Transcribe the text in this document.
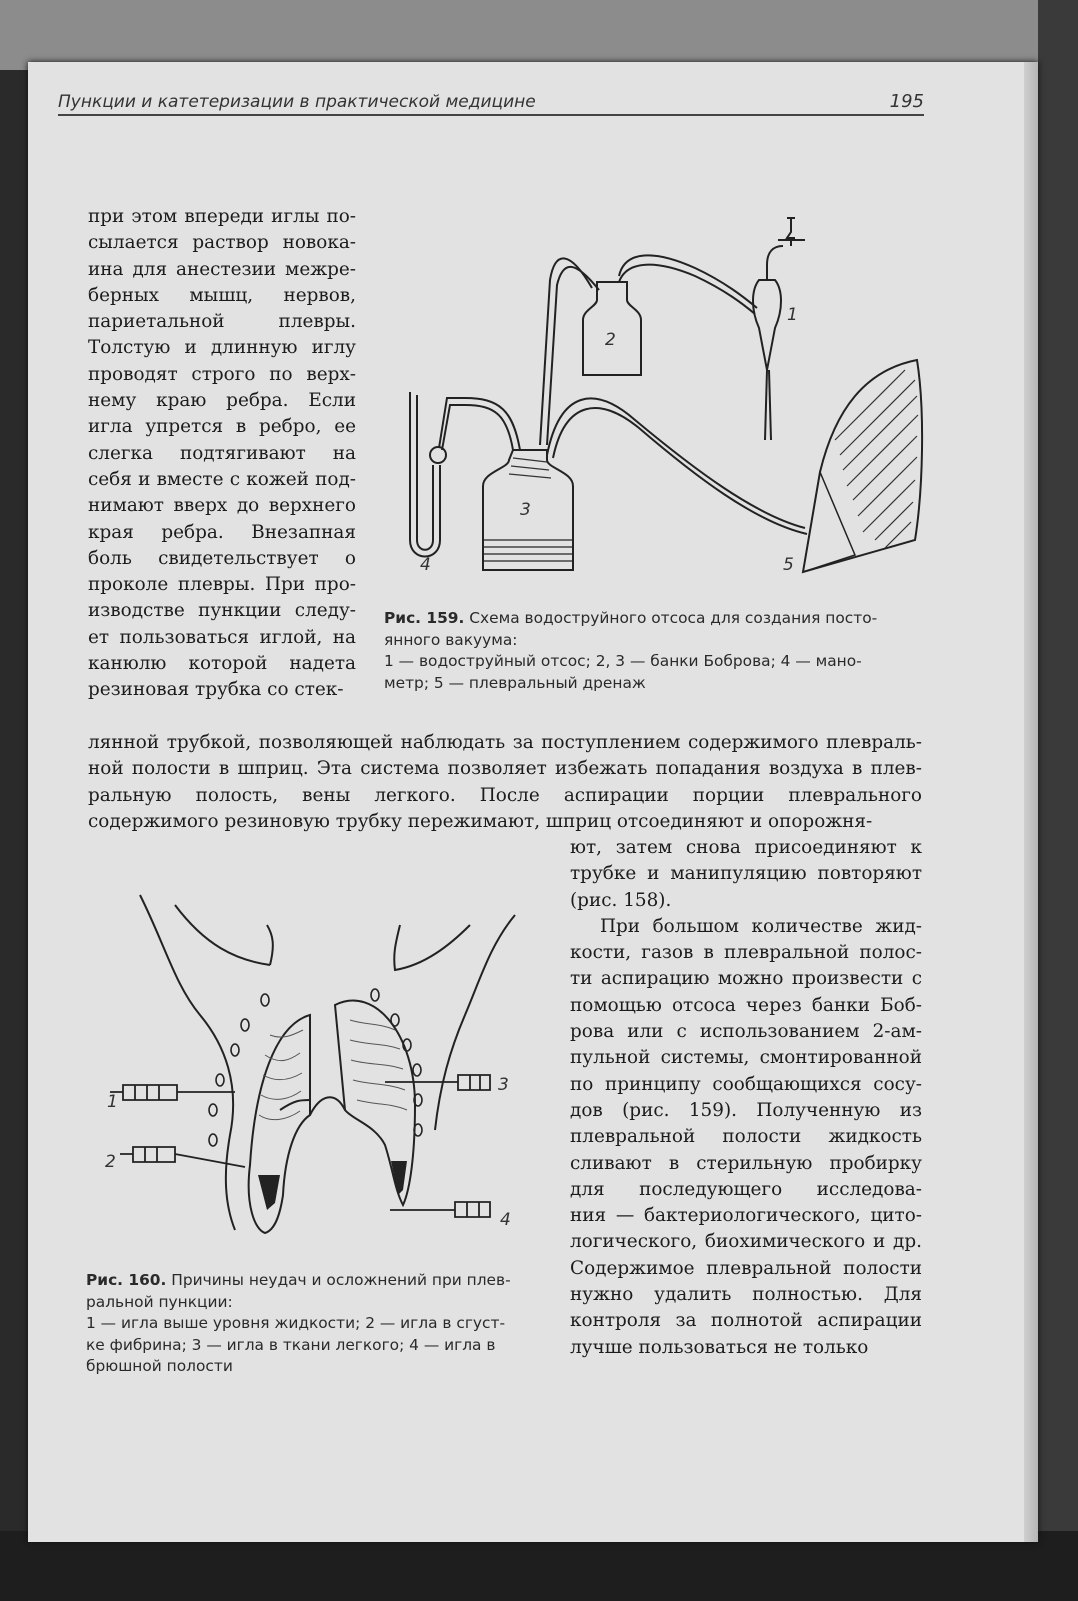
Пункции и катетеризации в практической медицине	195
при этом впереди иглы по-
сылается раствор новока-
ина для анестезии межре-
берных мышц, нервов,
париетальной плевры.
Толстую и длинную иглу
проводят строго по верх-
нему краю ребра. Если
игла упрется в ребро, ее
слегка подтягивают на
себя и вместе с кожей под-
нимают вверх до верхнего
края ребра. Внезапная
боль свидетельствует о
проколе плевры. При про-
изводстве пункции следу-
ет пользоваться иглой, на
канюлю которой надета
резиновая трубка со стек-
лянной трубкой, позволяющей наблюдать за поступлением содержимого плевраль-
ной полости в шприц. Эта система позволяет избежать попадания воздуха в плев-
ральную полость, вены легкого. После аспирации порции плеврального
содержимого резиновую трубку пережимают, шприц отсоединяют и опорожня-
ют, затем снова присоединяют к
трубке и манипуляцию повторяют
(рис. 158).
При большом количестве жид-
кости, газов в плевральной полос-
ти аспирацию можно произвести с
помощью отсоса через банки Боб-
рова или с использованием 2-ам-
пульной системы, смонтированной
по принципу сообщающихся сосу-
дов (рис. 159). Полученную из
плевральной полости жидкость
сливают в стерильную пробирку
для последующего исследова-
ния — бактериологического, цито-
логического, биохимического и др.
Содержимое плевральной полости
нужно удалить полностью. Для
контроля за полнотой аспирации
лучше пользоваться не только
1
2
3
4	5
Рис. 159. Схема водоструйного отсоса для создания посто-
янного вакуума:
1 — водоструйный отсос; 2, 3 — банки Боброва; 4 — мано-
метр; 5 — плевральный дренаж
1
2
3
4
Рис. 160. Причины неудач и осложнений при плев-
ральной пункции:
1 — игла выше уровня жидкости; 2 — игла в сгуст-
ке фибрина; 3 — игла в ткани легкого; 4 — игла в
брюшной полости
